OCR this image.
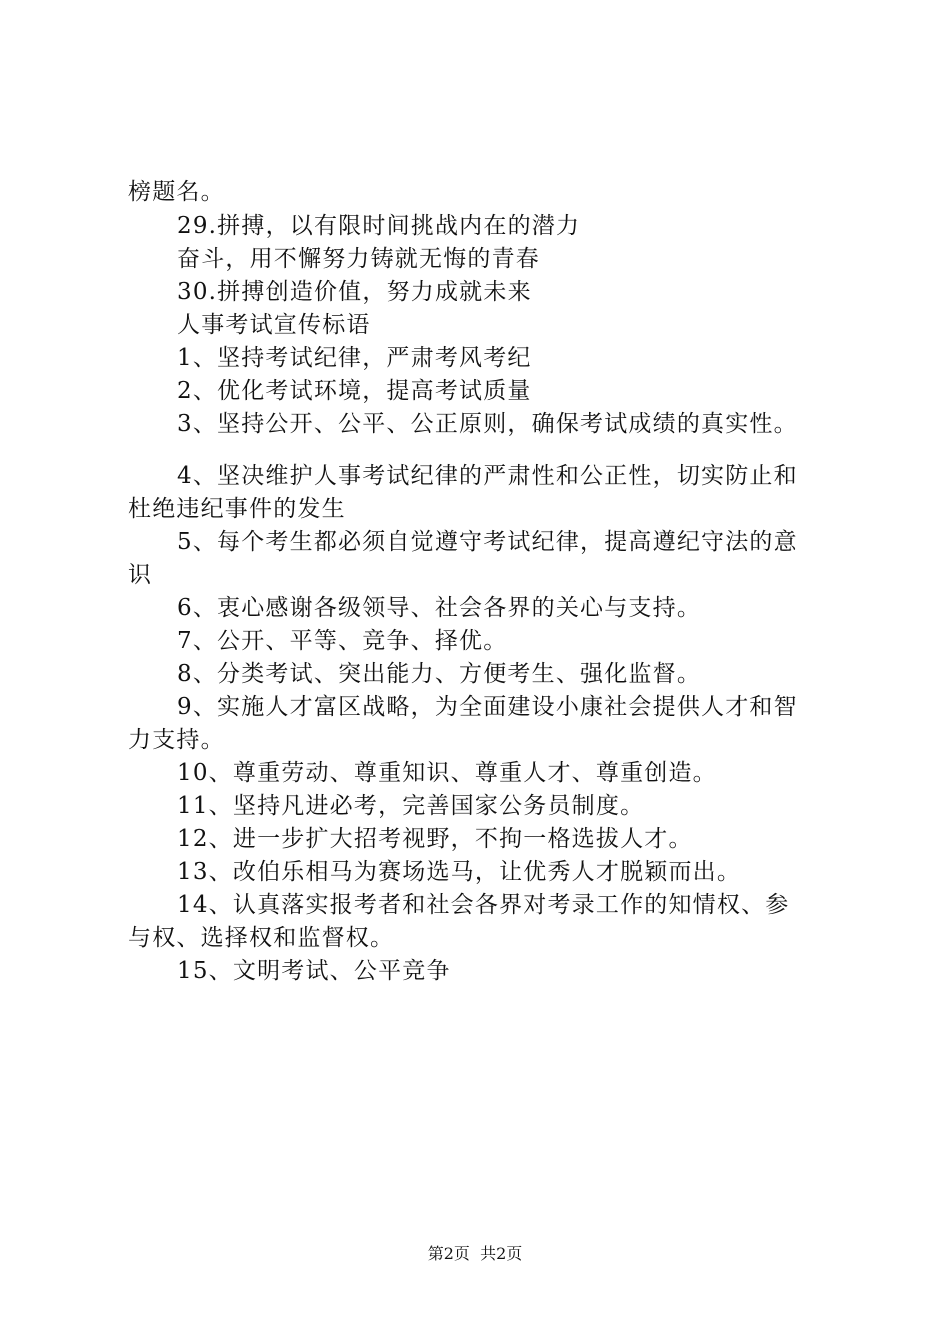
榜题名。
29.拼搏，以有限时间挑战内在的潜力
奋斗，用不懈努力铸就无悔的青春
30.拼搏创造价值，努力成就未来
人事考试宣传标语
1、坚持考试纪律，严肃考风考纪
2、优化考试环境，提高考试质量
3、坚持公开、公平、公正原则，确保考试成绩的真实性。
4、坚决维护人事考试纪律的严肃性和公正性，切实防止和
杜绝违纪事件的发生
5、每个考生都必须自觉遵守考试纪律，提高遵纪守法的意
识
6、衷心感谢各级领导、社会各界的关心与支持。
7、公开、平等、竞争、择优。
8、分类考试、突出能力、方便考生、强化监督。
9、实施人才富区战略，为全面建设小康社会提供人才和智
力支持。
10、尊重劳动、尊重知识、尊重人才、尊重创造。
11、坚持凡进必考，完善国家公务员制度。
12、进一步扩大招考视野，不拘一格选拔人才。
13、改伯乐相马为赛场选马，让优秀人才脱颖而出。
14、认真落实报考者和社会各界对考录工作的知情权、参
与权、选择权和监督权。
15、文明考试、公平竞争
第2页  共2页
